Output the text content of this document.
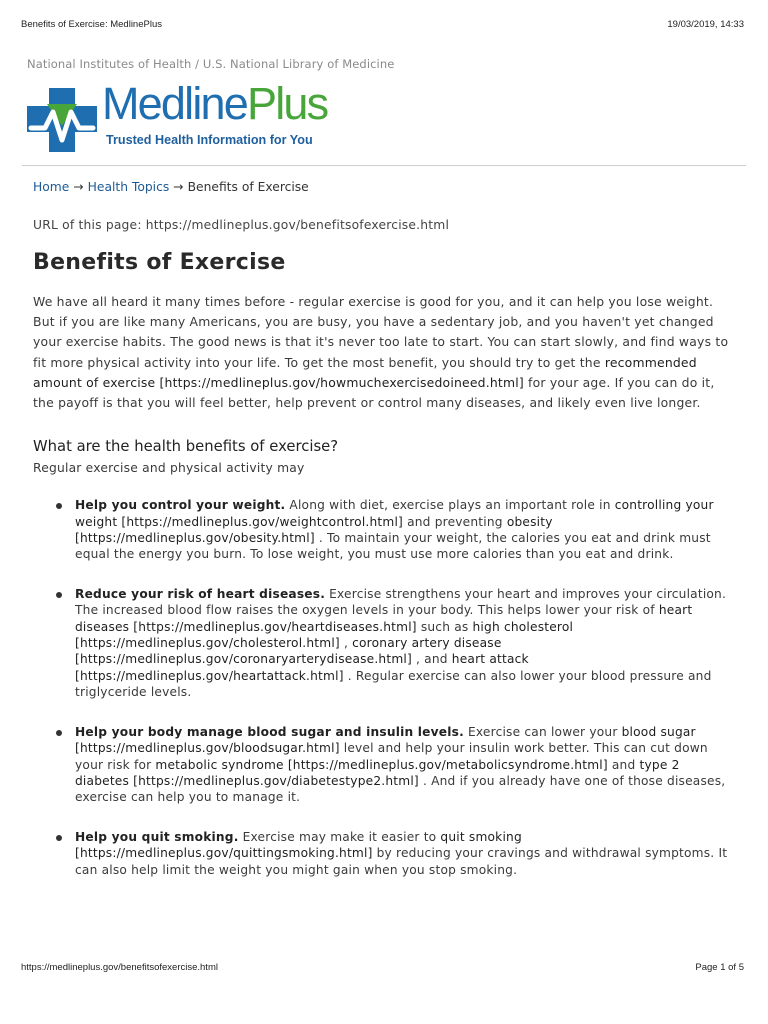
Benefits of Exercise: MedlinePlus	19/03/2019, 14:33
National Institutes of Health / U.S. National Library of Medicine
MedlinePlus
Trusted Health Information for You
Home → Health Topics → Benefits of Exercise
URL of this page: https://medlineplus.gov/benefitsofexercise.html
Benefits of Exercise

We have all heard it many times before - regular exercise is good for you, and it can help you lose weight. But if you are like many Americans, you are busy, you have a sedentary job, and you haven't yet changed your exercise habits. The good news is that it's never too late to start. You can start slowly, and find ways to fit more physical activity into your life. To get the most benefit, you should try to get the recommended amount of exercise [https://medlineplus.gov/howmuchexercisedoineed.html] for your age. If you can do it, the payoff is that you will feel better, help prevent or control many diseases, and likely even live longer.

What are the health benefits of exercise?
Regular exercise and physical activity may
Help you control your weight. Along with diet, exercise plays an important role in controlling your weight [https://medlineplus.gov/weightcontrol.html] and preventing obesity [https://medlineplus.gov/obesity.html] . To maintain your weight, the calories you eat and drink must equal the energy you burn. To lose weight, you must use more calories than you eat and drink.
Reduce your risk of heart diseases. Exercise strengthens your heart and improves your circulation. The increased blood flow raises the oxygen levels in your body. This helps lower your risk of heart diseases [https://medlineplus.gov/heartdiseases.html] such as high cholesterol [https://medlineplus.gov/cholesterol.html] , coronary artery disease [https://medlineplus.gov/coronaryarterydisease.html] , and heart attack [https://medlineplus.gov/heartattack.html] . Regular exercise can also lower your blood pressure and triglyceride levels.
Help your body manage blood sugar and insulin levels. Exercise can lower your blood sugar [https://medlineplus.gov/bloodsugar.html] level and help your insulin work better. This can cut down your risk for metabolic syndrome [https://medlineplus.gov/metabolicsyndrome.html] and type 2 diabetes [https://medlineplus.gov/diabetestype2.html] . And if you already have one of those diseases, exercise can help you to manage it.
Help you quit smoking. Exercise may make it easier to quit smoking [https://medlineplus.gov/quittingsmoking.html] by reducing your cravings and withdrawal symptoms. It can also help limit the weight you might gain when you stop smoking.
https://medlineplus.gov/benefitsofexercise.html	Page 1 of 5
